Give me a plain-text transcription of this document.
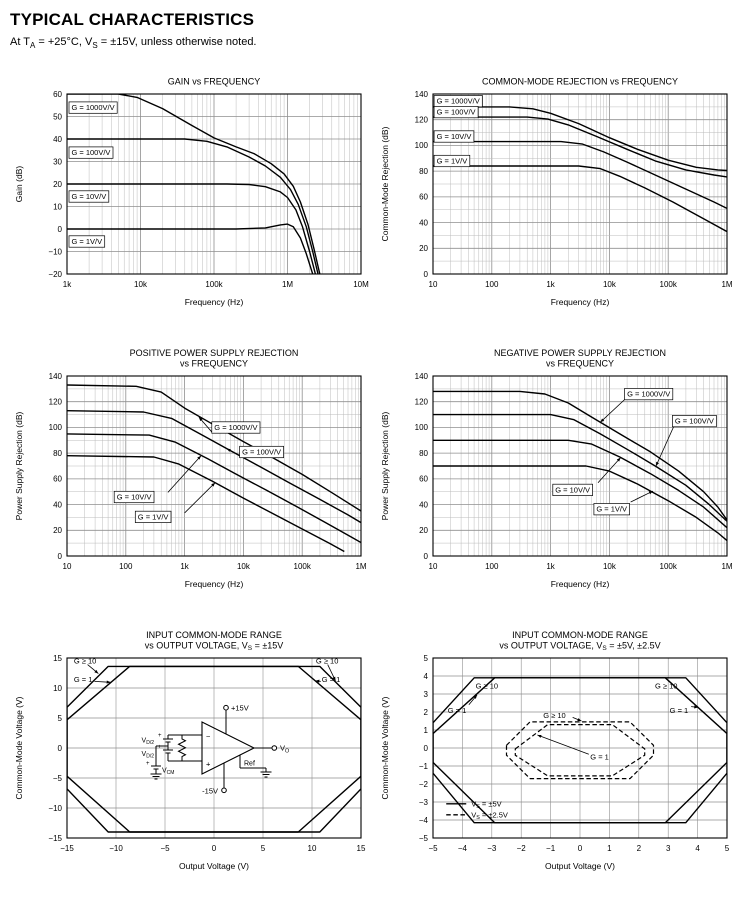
TYPICAL CHARACTERISTICS

At $T_A = +25^\circ C$, $V_S = \pm 15V$, unless otherwise noted.

GAIN vs FREQUENCY
1k	10k	100k	1M	10M
−20
−10
0
10
20
30
40
50
60
Frequency (Hz)
Gain (dB)
G = 1000V/V
G = 100V/V
G = 10V/V
G = 1V/V
COMMON-MODE REJECTION vs FREQUENCY
10	100	1k	10k	100k	1M
0
20
40
60
80
100
120
140
Frequency (Hz)
Common-Mode Rejection (dB)
G = 1000V/V
G = 100V/V
G = 10V/V
G = 1V/V
POSITIVE POWER SUPPLY REJECTION
vs FREQUENCY
10	100	1k	10k	100k	1M
0
20
40
60
80
100
120
140
Frequency (Hz)
Power Supply Rejection (dB)	G = 1000V/V
G = 100V/V
G = 10V/V
G = 1V/V
NEGATIVE POWER SUPPLY REJECTION
vs FREQUENCY
10	100	1k	10k	100k	1M
0
20
40
60
80
100
120
140
Frequency (Hz)
Power Supply Rejection (dB)
G = 1000V/V
G = 100V/V
G = 10V/V
G = 1V/V
INPUT COMMON-MODE RANGE
vs OUTPUT VOLTAGE, VS = ±15V
−15	−10	−5	0	5	10	15
−15
−10
−5
0
5
10
15
Output Voltage (V)
Common-Mode Voltage (V)
G ≥ 10
G = 1
G ≥ 10
G = 1
−
+
+15V
-15V
$V_O$
Ref
$V_{D/2}$
$V_{D/2}$
$V_{CM}$
+
+
+
INPUT COMMON-MODE RANGE
vs OUTPUT VOLTAGE, VS = ±5V, ±2.5V
−5	−4	−3	−2	−1	0	1	2	3	4	5
−5
−4
−3
−2
−1
0
1
2
3
4
5
Output Voltage (V)
Common-Mode Voltage (V)
G ≥ 10
G = 1
G ≥ 10
G = 1
G ≥ 10
G = 1
$V_S = \pm 5V$
$V_S = \pm 2.5V$
